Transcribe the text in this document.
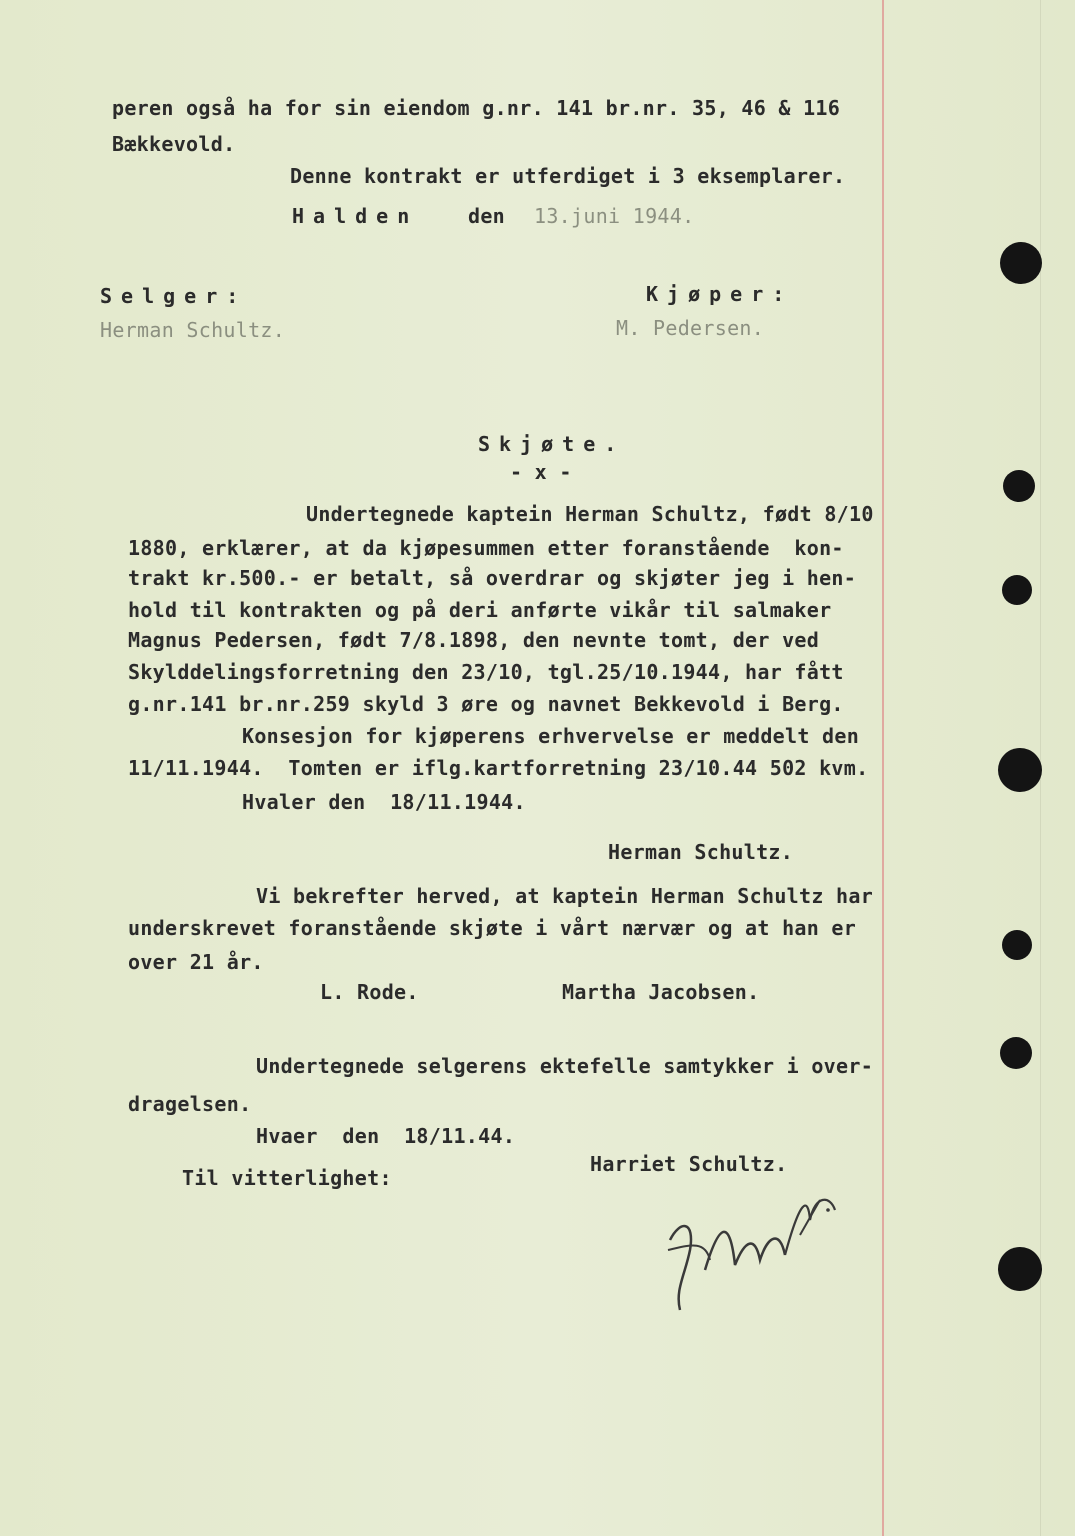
peren også ha for sin eiendom g.nr. 141 br.nr. 35, 46 & 116
Bækkevold.
Denne kontrakt er utferdiget i 3 eksemplarer.
Halden den 13.juni 1944.
Selger:
Herman Schultz.
Kjøper:
M. Pedersen.
Skjøte.
- x -
Undertegnede kaptein Herman Schultz, født 8/10
1880, erklærer, at da kjøpesummen etter foranstående  kon-
trakt kr.500.- er betalt, så overdrar og skjøter jeg i hen-
hold til kontrakten og på deri anførte vikår til salmaker
Magnus Pedersen, født 7/8.1898, den nevnte tomt, der ved
Skylddelingsforretning den 23/10, tgl.25/10.1944, har fått
g.nr.141 br.nr.259 skyld 3 øre og navnet Bekkevold i Berg.
Konsesjon for kjøperens erhvervelse er meddelt den
11/11.1944.  Tomten er iflg.kartforretning 23/10.44 502 kvm.
Hvaler den  18/11.1944.
Herman Schultz.
Vi bekrefter herved, at kaptein Herman Schultz har
underskrevet foranstående skjøte i vårt nærvær og at han er
over 21 år.
L. Rode.	Martha Jacobsen.
Undertegnede selgerens ektefelle samtykker i over-
dragelsen.
Hvaer  den  18/11.44.
Harriet Schultz.
Til vitterlighet:
